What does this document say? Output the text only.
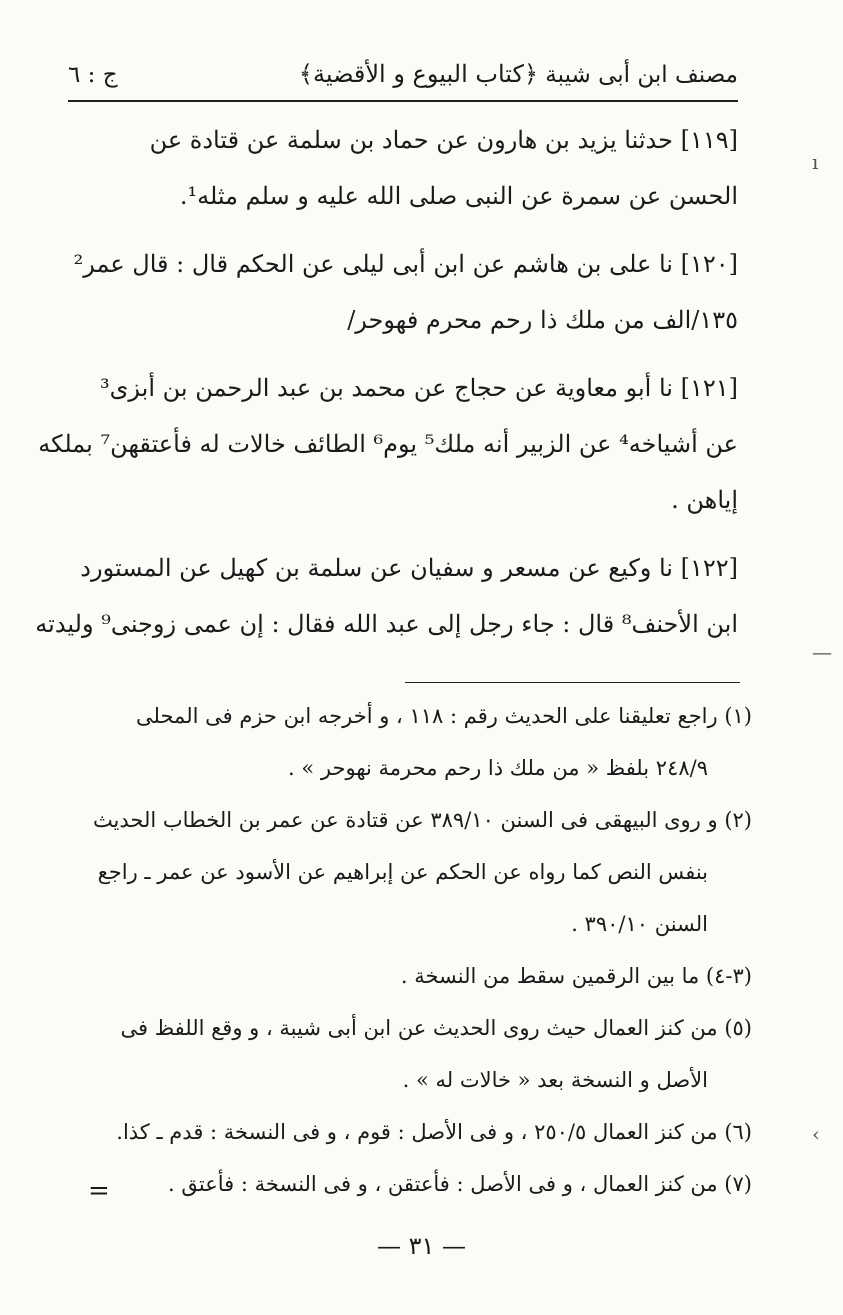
مصنف ابن أبى شيبة
﴿كتاب البيوع و الأقضية﴾
ج : ٦
[١١٩] حدثنا يزيد بن هارون عن حماد بن سلمة عن قتادة عن
الحسن عن سمرة عن النبى صلى الله عليه و سلم مثله¹.
[١٢٠] نا على بن هاشم عن ابن أبى ليلى عن الحكم قال : قال عمر²
١٣٥/الف من ملك ذا رحم محرم فهوحر/
[١٢١] نا أبو معاوية عن حجاج عن محمد بن عبد الرحمن بن أبزى³
عن أشياخه⁴ عن الزبير أنه ملك⁵ يوم⁶ الطائف خالات له فأعتقهن⁷ بملكه
إياهن .
[١٢٢] نا وكيع عن مسعر و سفيان عن سلمة بن كهيل عن المستورد
ابن الأحنف⁸ قال : جاء رجل إلى عبد الله فقال : إن عمى زوجنى⁹ وليدته
(١) راجع تعليقنا على الحديث رقم : ١١٨ ، و أخرجه ابن حزم فى المحلى
٢٤٨/٩ بلفظ « من ملك ذا رحم محرمة نهوحر » .
(٢) و روى البيهقى فى السنن ٣٨٩/١٠ عن قتادة عن عمر بن الخطاب الحديث
بنفس النص كما رواه عن الحكم عن إبراهيم عن الأسود عن عمر ـ راجع
السنن ٣٩٠/١٠ .
(٣-٤) ما بين الرقمين سقط من النسخة .
(٥) من كنز العمال حيث روى الحديث عن ابن أبى شيبة ، و وقع اللفظ فى
الأصل و النسخة بعد « خالات له » .
(٦) من كنز العمال ٢٥٠/٥ ، و فى الأصل : قوم ، و فى النسخة : قدم ـ كذا.
(٧) من كنز العمال ، و فى الأصل : فأعتقن ، و فى النسخة : فأعتق .
=
— ٣١ —
ı
—
‹
